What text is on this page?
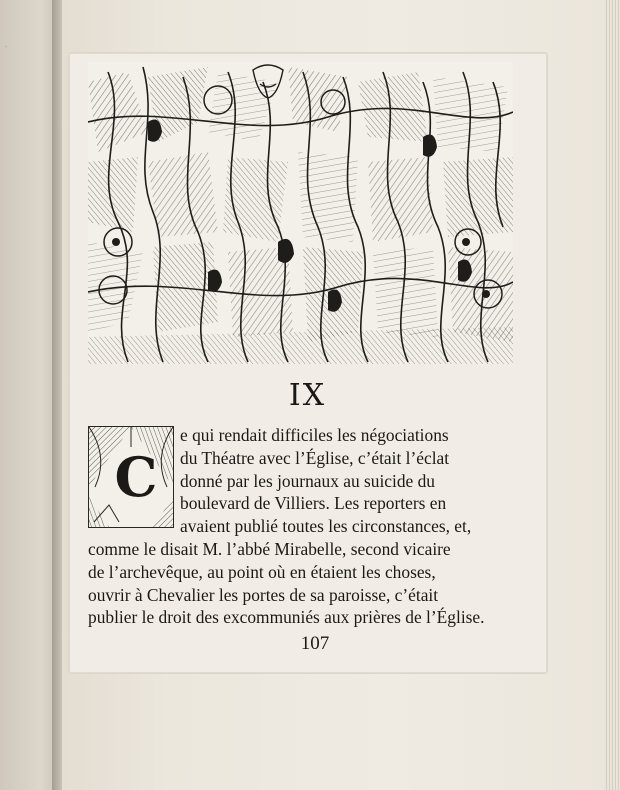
·
IX
C
e qui rendait difficiles les négociations
du Théatre avec l’Église, c’était l’éclat
donné par les journaux au suicide du
boulevard de Villiers. Les reporters en
avaient publié toutes les circonstances, et,
comme le disait M. l’abbé Mirabelle, second vicaire
de l’archevêque, au point où en étaient les choses,
ouvrir à Chevalier les portes de sa paroisse, c’était
publier le droit des excommuniés aux prières de l’Église.
107
